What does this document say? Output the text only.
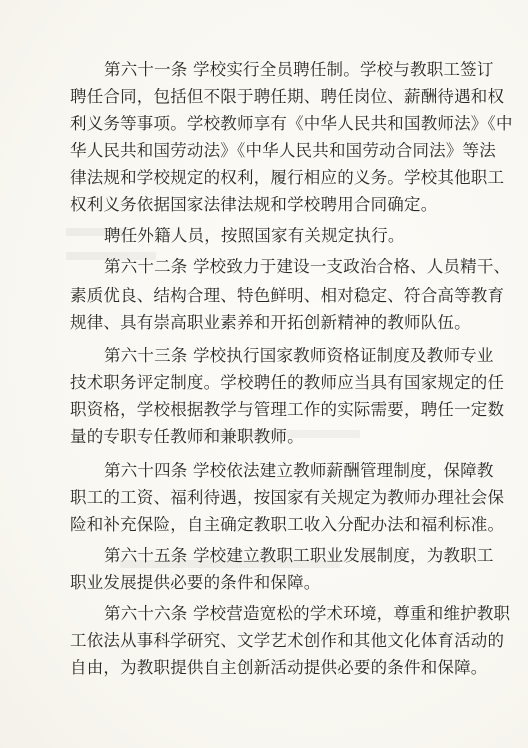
第六十一条 学校实行全员聘任制。学校与教职工签订
聘任合同，包括但不限于聘任期、聘任岗位、薪酬待遇和权
利义务等事项。学校教师享有《中华人民共和国教师法》《中
华人民共和国劳动法》《中华人民共和国劳动合同法》等法
律法规和学校规定的权利，履行相应的义务。学校其他职工
权利义务依据国家法律法规和学校聘用合同确定。
聘任外籍人员，按照国家有关规定执行。
第六十二条 学校致力于建设一支政治合格、人员精干、
素质优良、结构合理、特色鲜明、相对稳定、符合高等教育
规律、具有崇高职业素养和开拓创新精神的教师队伍。
第六十三条 学校执行国家教师资格证制度及教师专业
技术职务评定制度。学校聘任的教师应当具有国家规定的任
职资格，学校根据教学与管理工作的实际需要，聘任一定数
量的专职专任教师和兼职教师。
第六十四条 学校依法建立教师薪酬管理制度，保障教
职工的工资、福利待遇，按国家有关规定为教师办理社会保
险和补充保险，自主确定教职工收入分配办法和福利标准。
第六十五条 学校建立教职工职业发展制度，为教职工
职业发展提供必要的条件和保障。
第六十六条 学校营造宽松的学术环境，尊重和维护教职
工依法从事科学研究、文学艺术创作和其他文化体育活动的
自由，为教职提供自主创新活动提供必要的条件和保障。
